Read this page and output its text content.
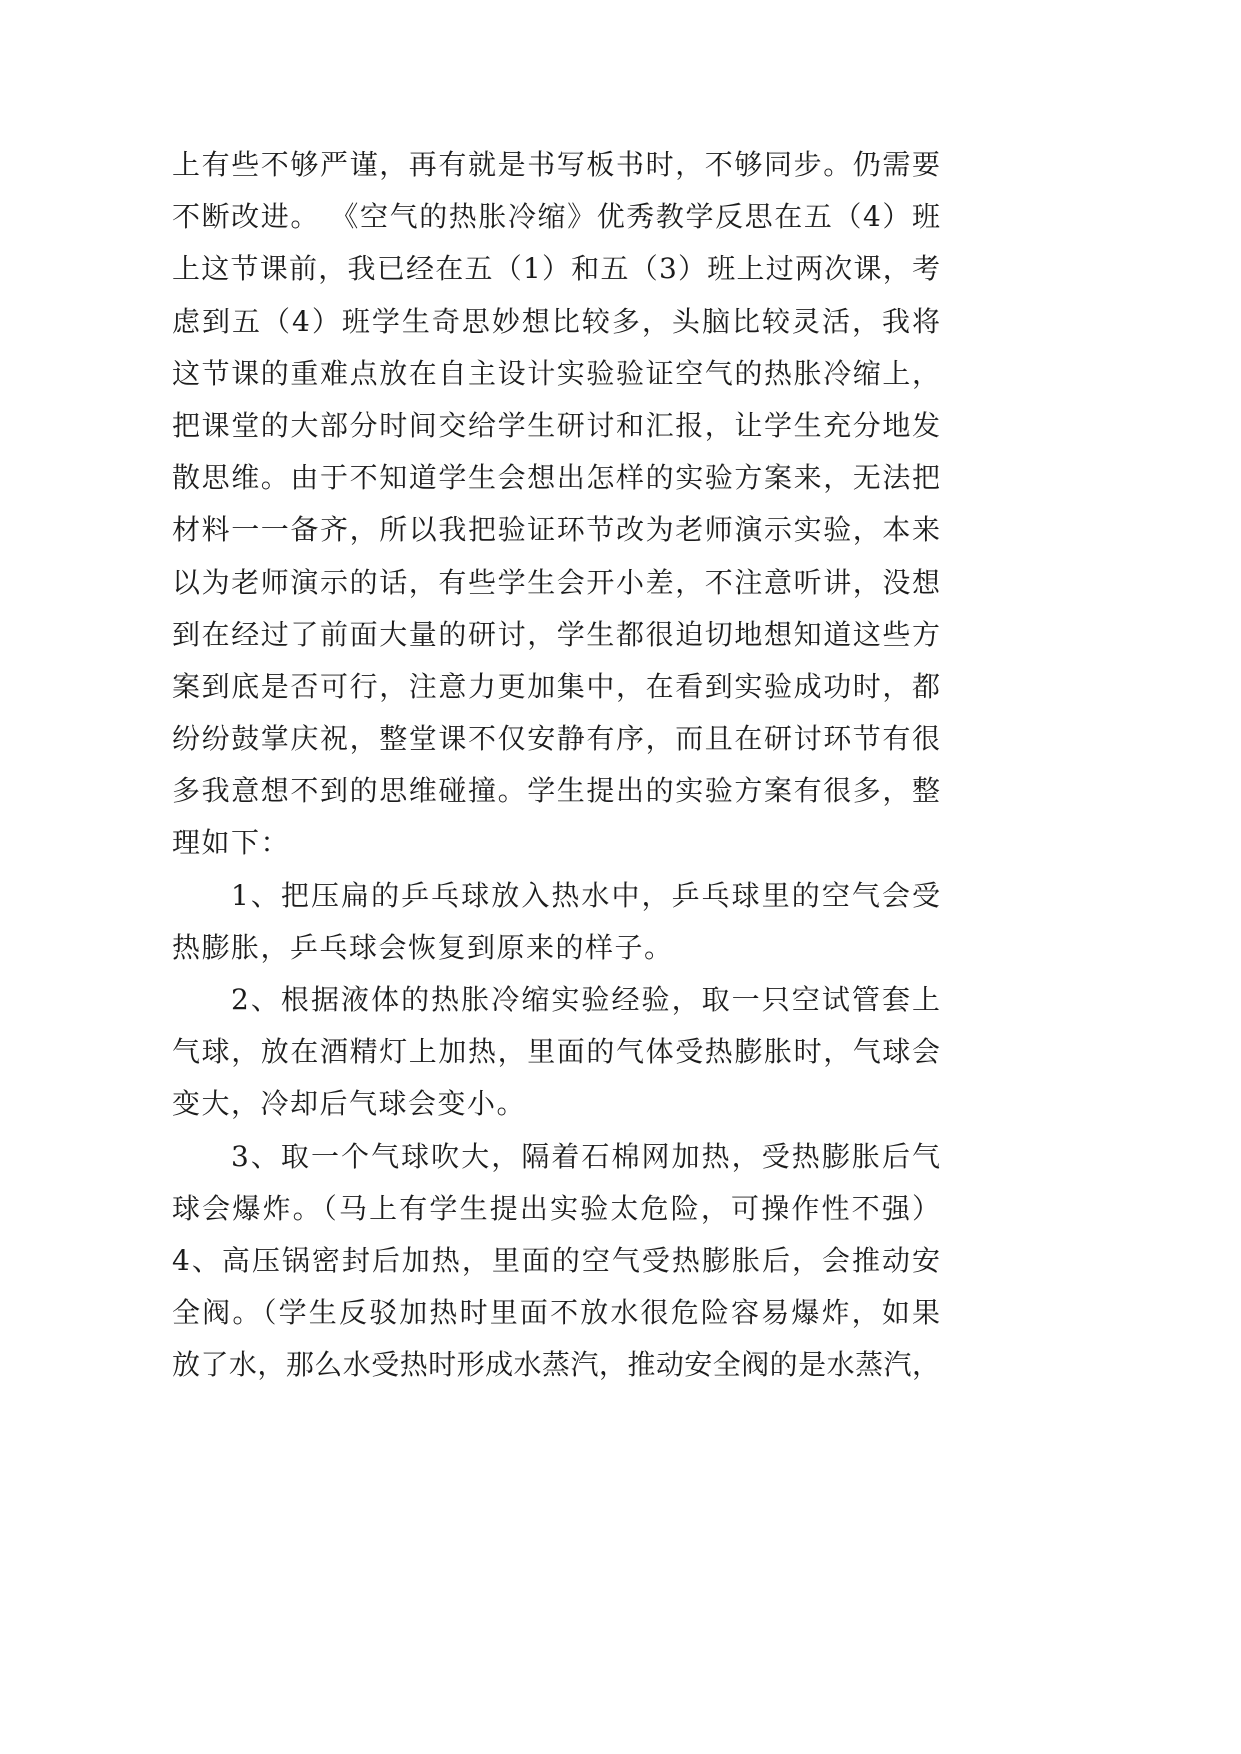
上有些不够严谨，再有就是书写板书时，不够同步。仍需要
不断改进。 《空气的热胀冷缩》优秀教学反思在五（4）班
上这节课前，我已经在五（1）和五（3）班上过两次课，考
虑到五（4）班学生奇思妙想比较多，头脑比较灵活，我将
这节课的重难点放在自主设计实验验证空气的热胀冷缩上，
把课堂的大部分时间交给学生研讨和汇报，让学生充分地发
散思维。由于不知道学生会想出怎样的实验方案来，无法把
材料一一备齐，所以我把验证环节改为老师演示实验，本来
以为老师演示的话，有些学生会开小差，不注意听讲，没想
到在经过了前面大量的研讨，学生都很迫切地想知道这些方
案到底是否可行，注意力更加集中，在看到实验成功时，都
纷纷鼓掌庆祝，整堂课不仅安静有序，而且在研讨环节有很
多我意想不到的思维碰撞。学生提出的实验方案有很多，整
理如下：
1、把压扁的乒乓球放入热水中，乒乓球里的空气会受
热膨胀，乒乓球会恢复到原来的样子。
2、根据液体的热胀冷缩实验经验，取一只空试管套上
气球，放在酒精灯上加热，里面的气体受热膨胀时，气球会
变大，冷却后气球会变小。
3、取一个气球吹大，隔着石棉网加热，受热膨胀后气
球会爆炸。（马上有学生提出实验太危险，可操作性不强）
4、高压锅密封后加热，里面的空气受热膨胀后，会推动安
全阀。（学生反驳加热时里面不放水很危险容易爆炸，如果
放了水，那么水受热时形成水蒸汽，推动安全阀的是水蒸汽，
